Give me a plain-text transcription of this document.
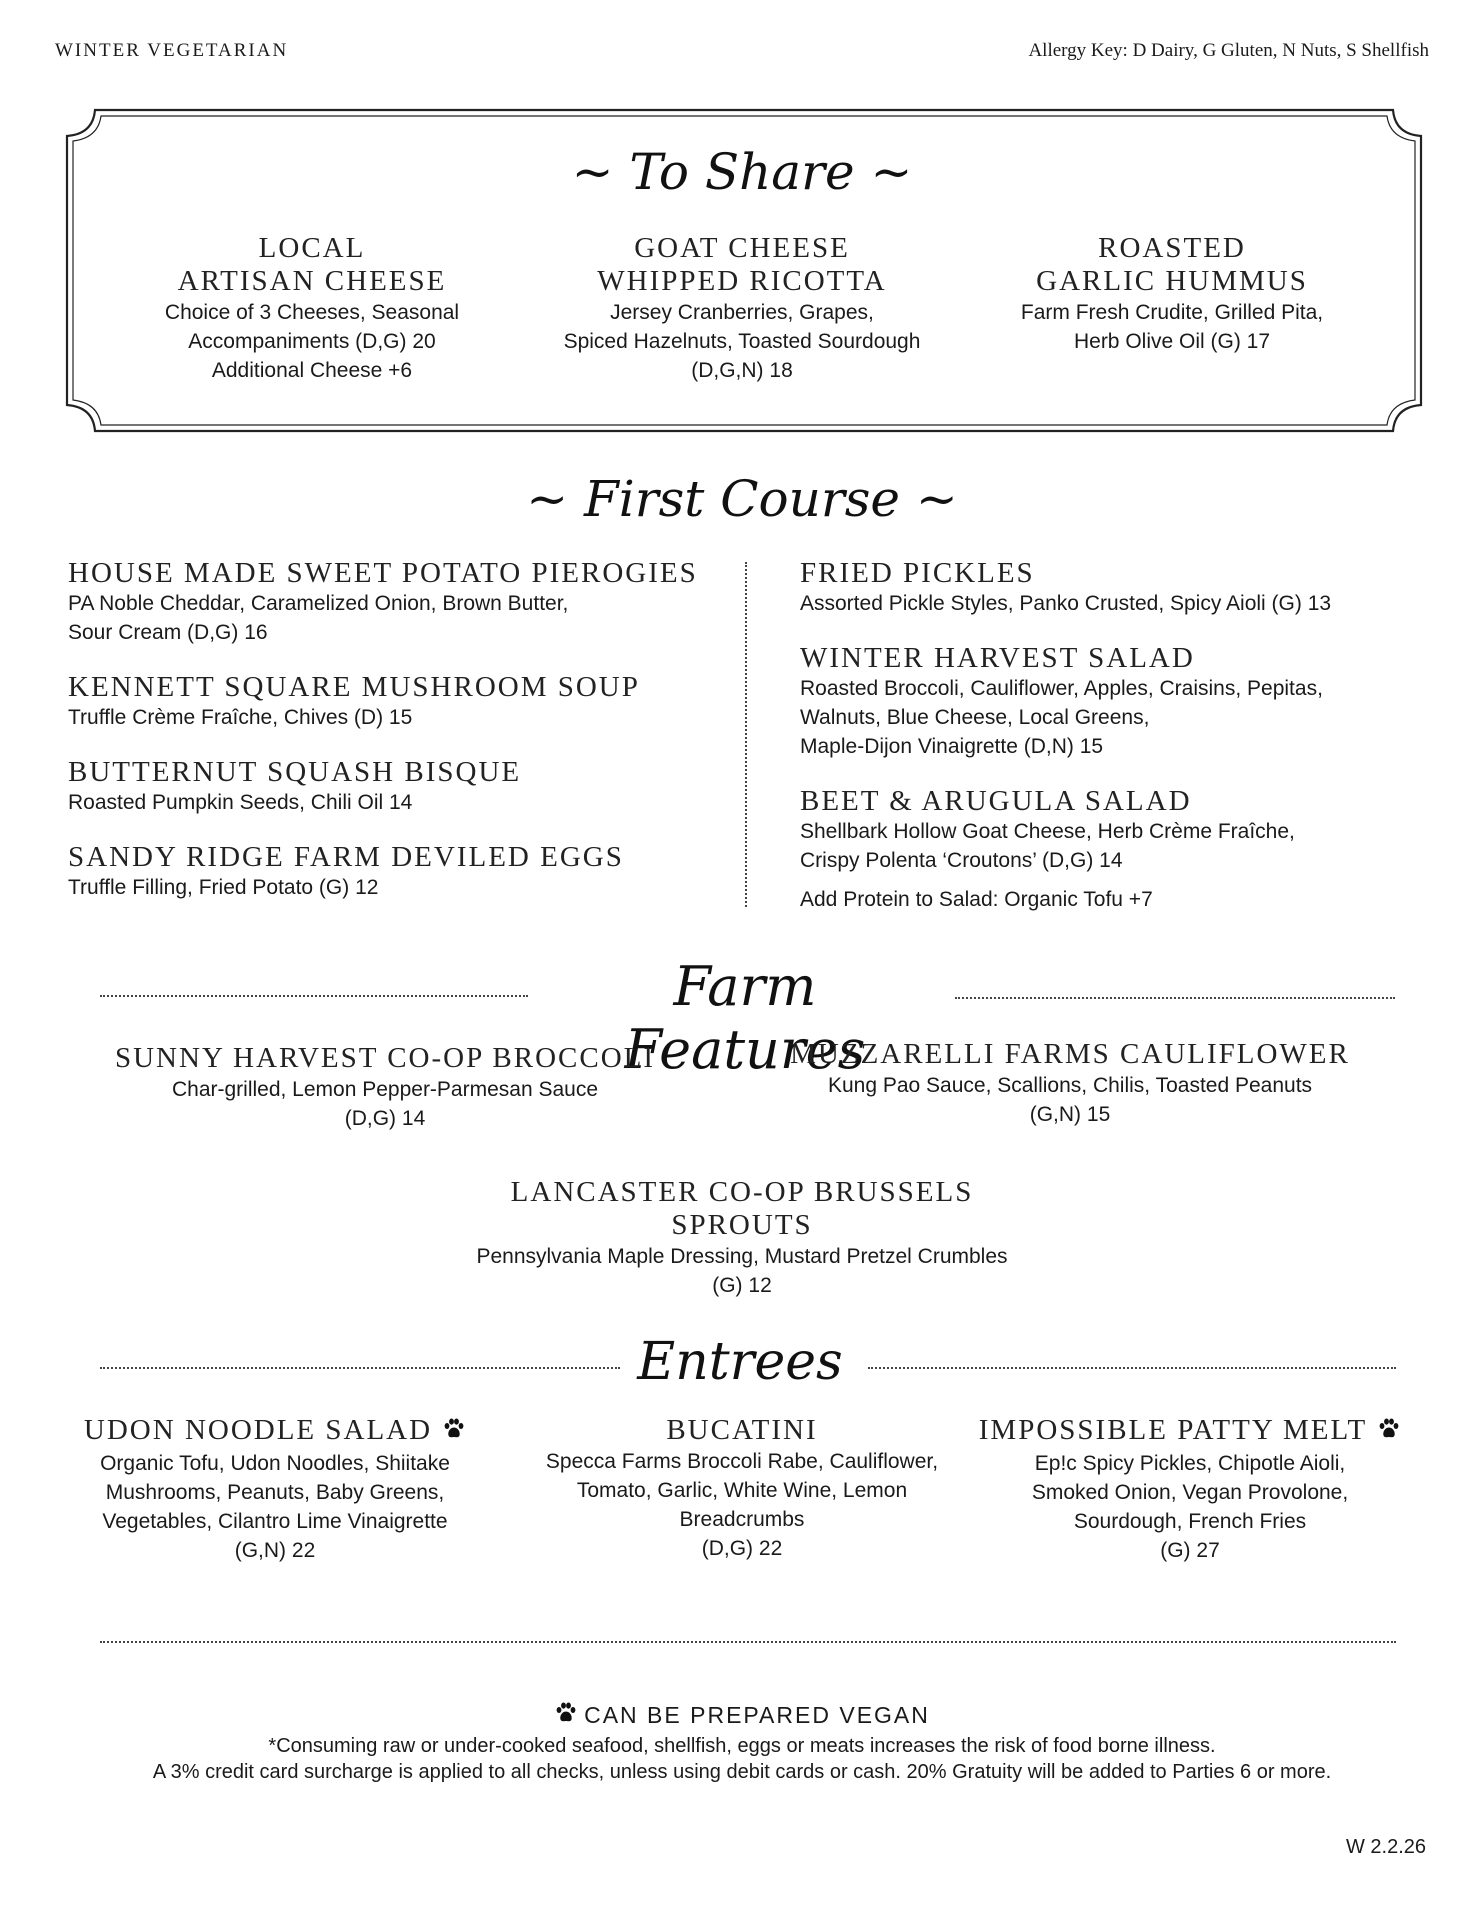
WINTER VEGETARIAN	Allergy Key: D Dairy, G Gluten, N Nuts, S Shellfish
~ To Share ~
LOCAL
ARTISAN CHEESE
Choice of 3 Cheeses, Seasonal
Accompaniments (D,G) 20
Additional Cheese +6
GOAT CHEESE
WHIPPED RICOTTA
Jersey Cranberries, Grapes,
Spiced Hazelnuts, Toasted Sourdough
(D,G,N) 18
ROASTED
GARLIC HUMMUS
Farm Fresh Crudite, Grilled Pita,
Herb Olive Oil (G) 17
~ First Course ~
HOUSE MADE SWEET POTATO PIEROGIES
PA Noble Cheddar, Caramelized Onion, Brown Butter,
Sour Cream (D,G) 16
KENNETT SQUARE MUSHROOM SOUP
Truffle Crème Fraîche, Chives (D) 15
BUTTERNUT SQUASH BISQUE
Roasted Pumpkin Seeds, Chili Oil 14
SANDY RIDGE FARM DEVILED EGGS
Truffle Filling, Fried Potato (G) 12
FRIED PICKLES
Assorted Pickle Styles, Panko Crusted, Spicy Aioli (G) 13
WINTER HARVEST SALAD
Roasted Broccoli, Cauliflower, Apples, Craisins, Pepitas,
Walnuts, Blue Cheese, Local Greens,
Maple-Dijon Vinaigrette (D,N) 15
BEET & ARUGULA SALAD
Shellbark Hollow Goat Cheese, Herb Crème Fraîche,
Crispy Polenta ‘Croutons’ (D,G) 14
Add Protein to Salad: Organic Tofu +7
Farm Features
SUNNY HARVEST CO-OP BROCCOLI
Char-grilled, Lemon Pepper-Parmesan Sauce
(D,G) 14
MUZZARELLI FARMS CAULIFLOWER
Kung Pao Sauce, Scallions, Chilis, Toasted Peanuts
(G,N) 15
LANCASTER CO-OP BRUSSELS
SPROUTS
Pennsylvania Maple Dressing, Mustard Pretzel Crumbles
(G) 12
Entrees
UDON NOODLE SALAD
Organic Tofu, Udon Noodles, Shiitake
Mushrooms, Peanuts, Baby Greens,
Vegetables, Cilantro Lime Vinaigrette
(G,N) 22
BUCATINI
Specca Farms Broccoli Rabe, Cauliflower,
Tomato, Garlic, White Wine, Lemon
Breadcrumbs
(D,G) 22
IMPOSSIBLE PATTY MELT
Ep!c Spicy Pickles, Chipotle Aioli,
Smoked Onion, Vegan Provolone,
Sourdough, French Fries
(G) 27
CAN BE PREPARED VEGAN
*Consuming raw or under-cooked seafood, shellfish, eggs or meats increases the risk of food borne illness.
A 3% credit card surcharge is applied to all checks, unless using debit cards or cash. 20% Gratuity will be added to Parties 6 or more.
W 2.2.26
